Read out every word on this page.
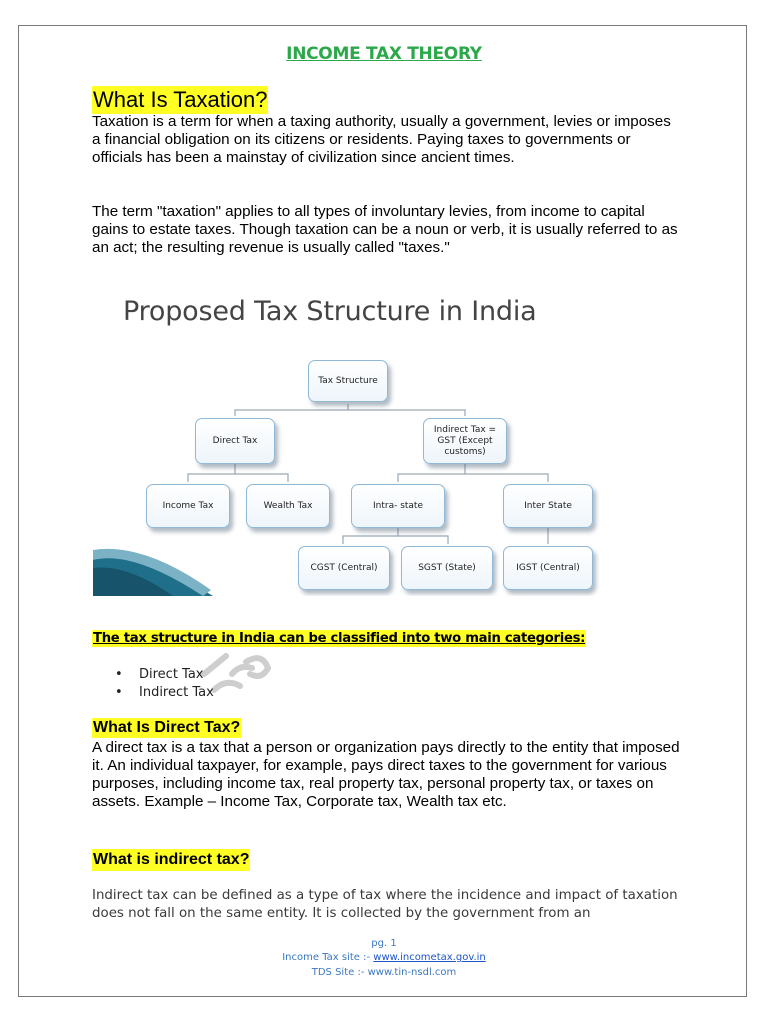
INCOME TAX THEORY
What Is Taxation?

Taxation is a term for when a taxing authority, usually a government, levies or imposes a financial obligation on its citizens or residents. Paying taxes to governments or officials has been a mainstay of civilization since ancient times.

The term "taxation" applies to all types of involuntary levies, from income to capital gains to estate taxes. Though taxation can be a noun or verb, it is usually referred to as an act; the resulting revenue is usually called "taxes."

Proposed Tax Structure in India
Tax Structure
Direct Tax
Indirect Tax = GST (Except customs)
Income Tax	Wealth Tax	Intra- state	Inter State
CGST (Central)	SGST (State)	IGST (Central)
The tax structure in India can be classified into two main categories:
• Direct Tax
• Indirect Tax
What Is Direct Tax?

A direct tax is a tax that a person or organization pays directly to the entity that imposed it. An individual taxpayer, for example, pays direct taxes to the government for various purposes, including income tax, real property tax, personal property tax, or taxes on assets. Example – Income Tax, Corporate tax, Wealth tax etc.

What is indirect tax?

Indirect tax can be defined as a type of tax where the incidence and impact of taxation does not fall on the same entity. It is collected by the government from an

pg. 1
Income Tax site :- www.incometax.gov.in
TDS Site :- www.tin-nsdl.com
